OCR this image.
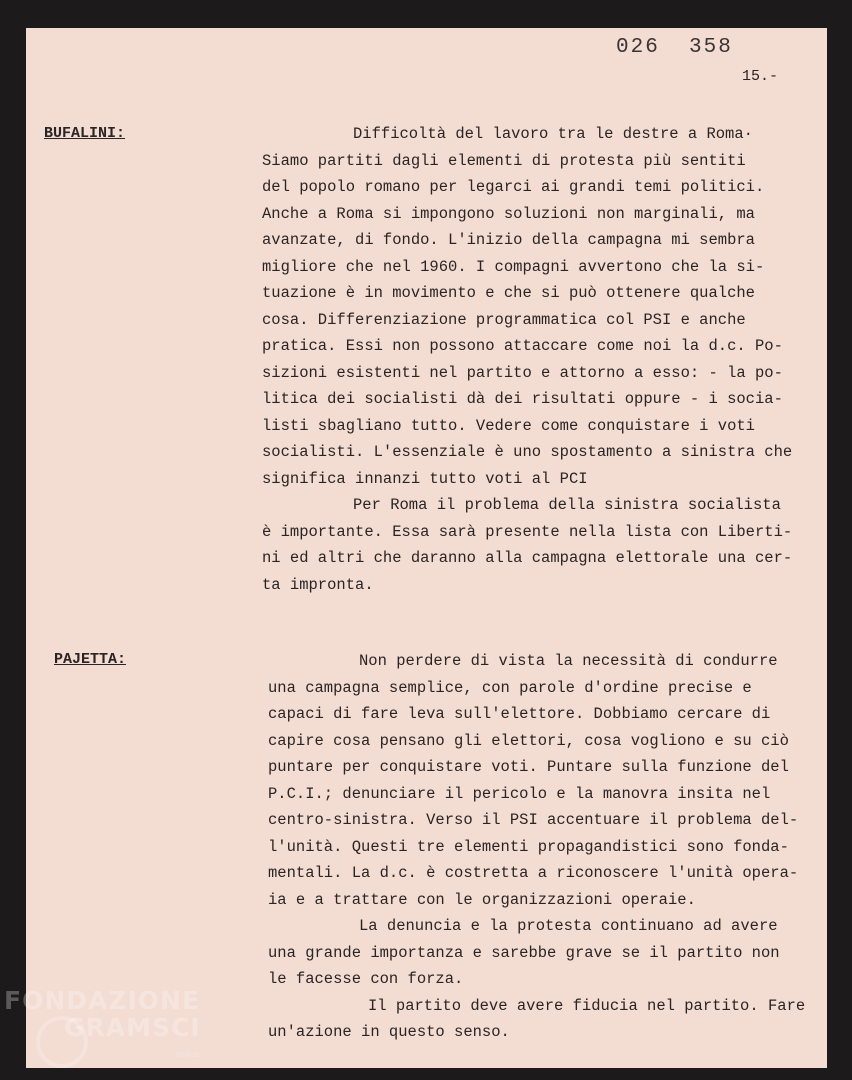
026  358
15.-
BUFALINI:	Difficoltà del lavoro tra le destre a Roma·
Siamo partiti dagli elementi di protesta più sentiti
del popolo romano per legarci ai grandi temi politici.
Anche a Roma si impongono soluzioni non marginali, ma
avanzate, di fondo. L'inizio della campagna mi sembra
migliore che nel 1960. I compagni avvertono che la si-
tuazione è in movimento e che si può ottenere qualche
cosa. Differenziazione programmatica col PSI e anche
pratica. Essi non possono attaccare come noi la d.c. Po-
sizioni esistenti nel partito e attorno a esso: - la po-
litica dei socialisti dà dei risultati oppure - i socia-
listi sbagliano tutto. Vedere come conquistare i voti
socialisti. L'essenziale è uno spostamento a sinistra che
significa innanzi tutto voti al PCI
Per Roma il problema della sinistra socialista
è importante. Essa sarà presente nella lista con Liberti-
ni ed altri che daranno alla campagna elettorale una cer-
ta impronta.
PAJETTA:	Non perdere di vista la necessità di condurre
una campagna semplice, con parole d'ordine precise e
capaci di fare leva sull'elettore. Dobbiamo cercare di
capire cosa pensano gli elettori, cosa vogliono e su ciò
puntare per conquistare voti. Puntare sulla funzione del
P.C.I.; denunciare il pericolo e la manovra insita nel
centro-sinistra. Verso il PSI accentuare il problema del-
l'unità. Questi tre elementi propagandistici sono fonda-
mentali. La d.c. è costretta a riconoscere l'unità opera-
ia e a trattare con le organizzazioni operaie.
La denuncia e la protesta continuano ad avere
una grande importanza e sarebbe grave se il partito non
le facesse con forza.
Il partito deve avere fiducia nel partito. Fare
un'azione in questo senso.
FONDAZIONE
GRAMSCI
onlus
